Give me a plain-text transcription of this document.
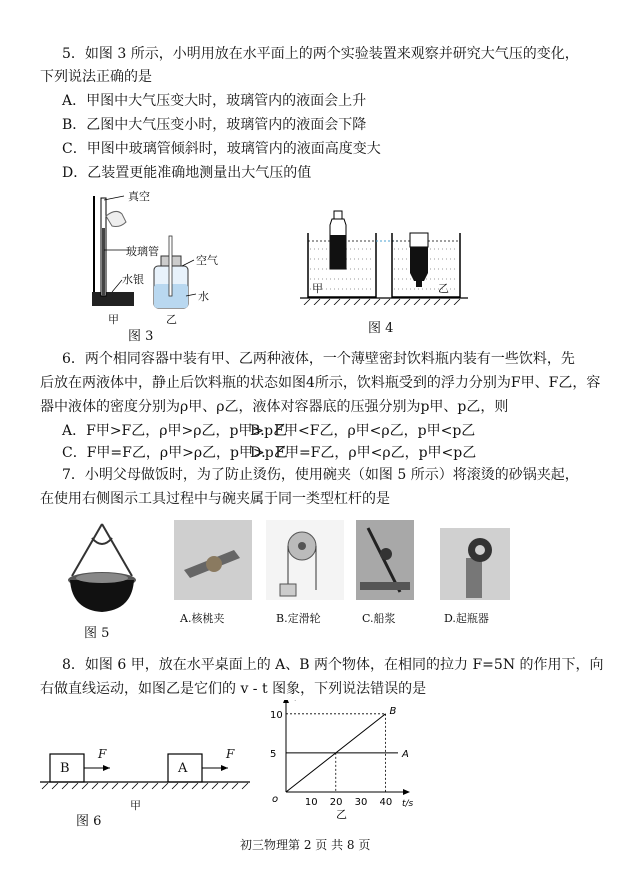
5．如图 3 所示，小明用放在水平面上的两个实验装置来观察并研究大气压的变化，
下列说法正确的是
A．甲图中大气压变大时，玻璃管内的液面会上升
B．乙图中大气压变小时，玻璃管内的液面会下降
C．甲图中玻璃管倾斜时，玻璃管内的液面高度变大
D．乙装置更能准确地测量出大气压的值
真空
玻璃管
水银
空气
水
甲	乙
图 3
甲	乙
图 4
6．两个相同容器中装有甲、乙两种液体，一个薄壁密封饮料瓶内装有一些饮料，先
后放在两液体中，静止后饮料瓶的状态如图4所示，饮料瓶受到的浮力分别为F甲、F乙，容
器中液体的密度分别为ρ甲、ρ乙，液体对容器底的压强分别为p甲、p乙，则
A．F甲>F乙，ρ甲>ρ乙，p甲>p乙
B．F甲<F乙，ρ甲<ρ乙，p甲<p乙
C．F甲=F乙，ρ甲>ρ乙，p甲>p乙
D．F甲=F乙，ρ甲<ρ乙，p甲<p乙
7．小明父母做饭时，为了防止烫伤，使用碗夹（如图 5 所示）将滚烫的砂锅夹起，
在使用右侧图示工具过程中与碗夹属于同一类型杠杆的是
图 5
A.核桃夹	B.定滑轮	C.船浆	D.起瓶器
8．如图 6 甲，放在水平桌面上的 A、B 两个物体，在相同的拉力 F=5N 的作用下，向
右做直线运动，如图乙是它们的 v - t 图象，下列说法错误的是
B	A
F	F
甲
图 6
o	t/s
10 20 30 40
5
10	B
A
乙
初三物理第 2 页 共 8 页
